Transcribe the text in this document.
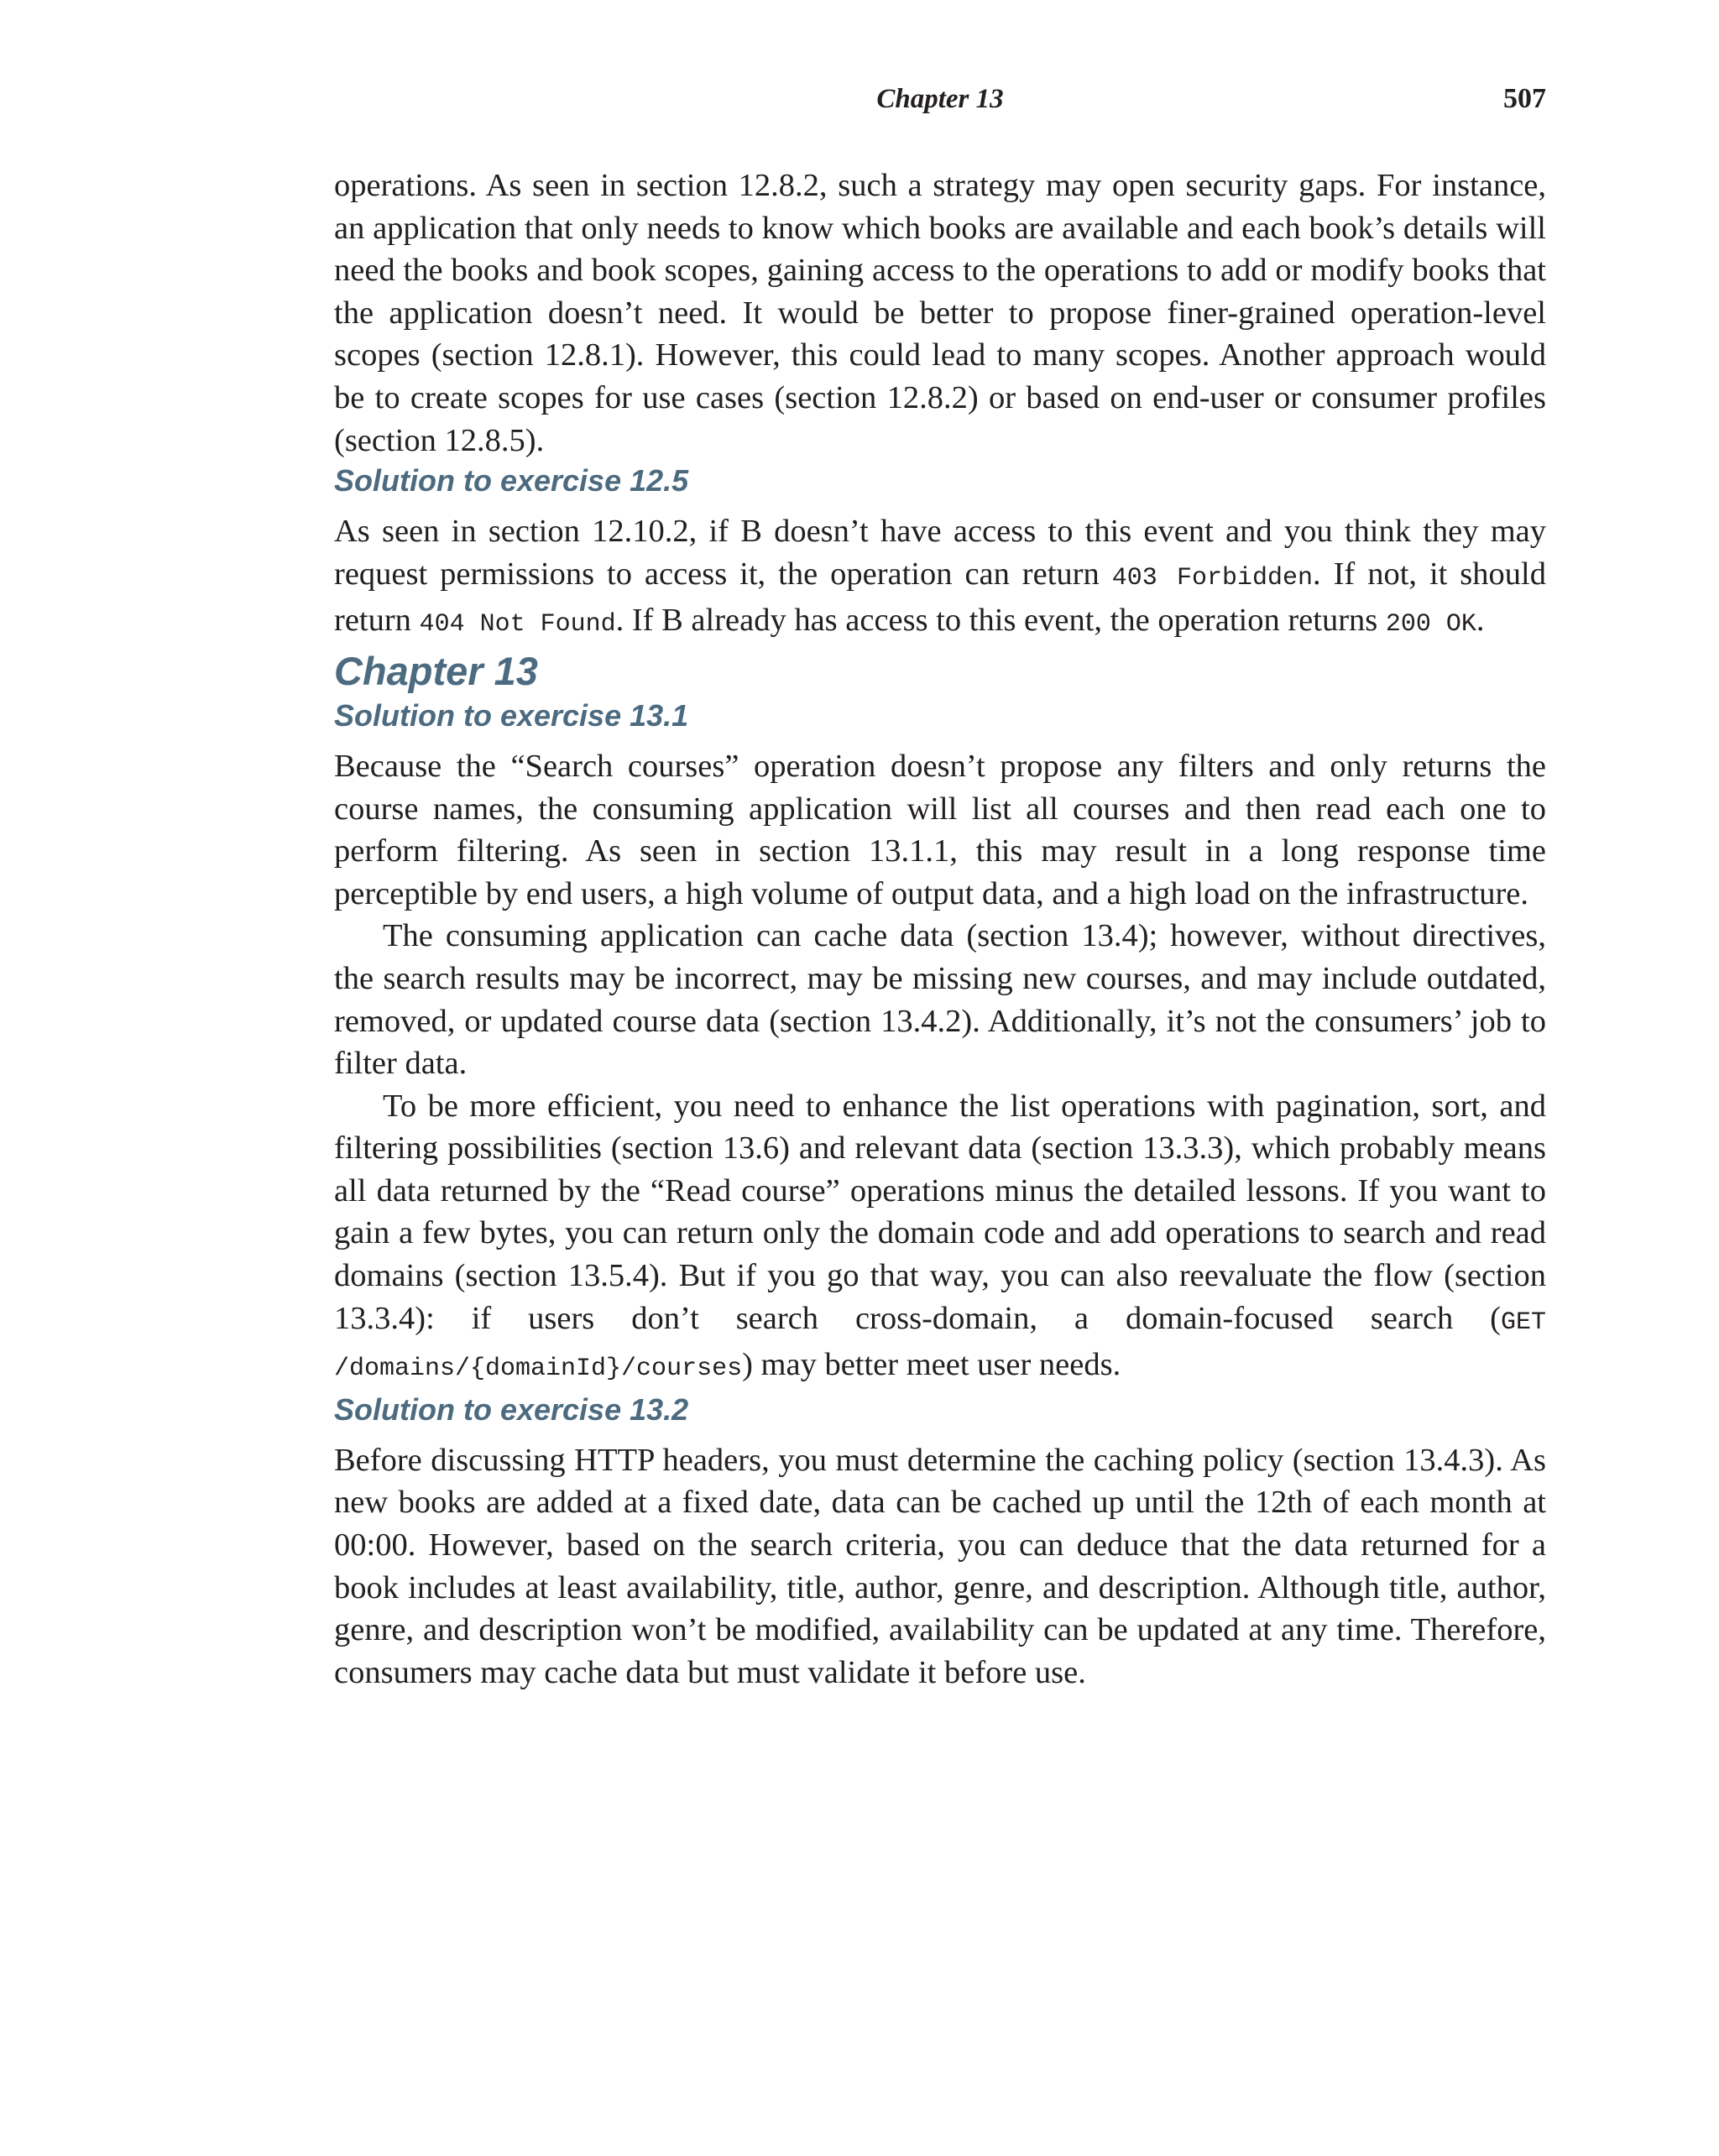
Chapter 13	507

operations. As seen in section 12.8.2, such a strategy may open security gaps. For instance, an application that only needs to know which books are available and each book’s details will need the books and book scopes, gaining access to the operations to add or modify books that the application doesn’t need. It would be better to propose finer-grained operation-level scopes (section 12.8.1). However, this could lead to many scopes. Another approach would be to create scopes for use cases (section 12.8.2) or based on end-user or consumer profiles (section 12.8.5).

Solution to exercise 12.5

As seen in section 12.10.2, if B doesn’t have access to this event and you think they may request permissions to access it, the operation can return 403 Forbidden. If not, it should return 404 Not Found. If B already has access to this event, the operation returns 200 OK.

Chapter 13
Solution to exercise 13.1

Because the “Search courses” operation doesn’t propose any filters and only returns the course names, the consuming application will list all courses and then read each one to perform filtering. As seen in section 13.1.1, this may result in a long response time perceptible by end users, a high volume of output data, and a high load on the infrastructure.

The consuming application can cache data (section 13.4); however, without directives, the search results may be incorrect, may be missing new courses, and may include outdated, removed, or updated course data (section 13.4.2). Additionally, it’s not the consumers’ job to filter data.

To be more efficient, you need to enhance the list operations with pagination, sort, and filtering possibilities (section 13.6) and relevant data (section 13.3.3), which probably means all data returned by the “Read course” operations minus the detailed lessons. If you want to gain a few bytes, you can return only the domain code and add operations to search and read domains (section 13.5.4). But if you go that way, you can also reevaluate the flow (section 13.3.4): if users don’t search cross-domain, a domain-focused search (GET /domains/{domainId}/courses) may better meet user needs.

Solution to exercise 13.2

Before discussing HTTP headers, you must determine the caching policy (section 13.4.3). As new books are added at a fixed date, data can be cached up until the 12th of each month at 00:00. However, based on the search criteria, you can deduce that the data returned for a book includes at least availability, title, author, genre, and description. Although title, author, genre, and description won’t be modified, availability can be updated at any time. Therefore, consumers may cache data but must validate it before use.
